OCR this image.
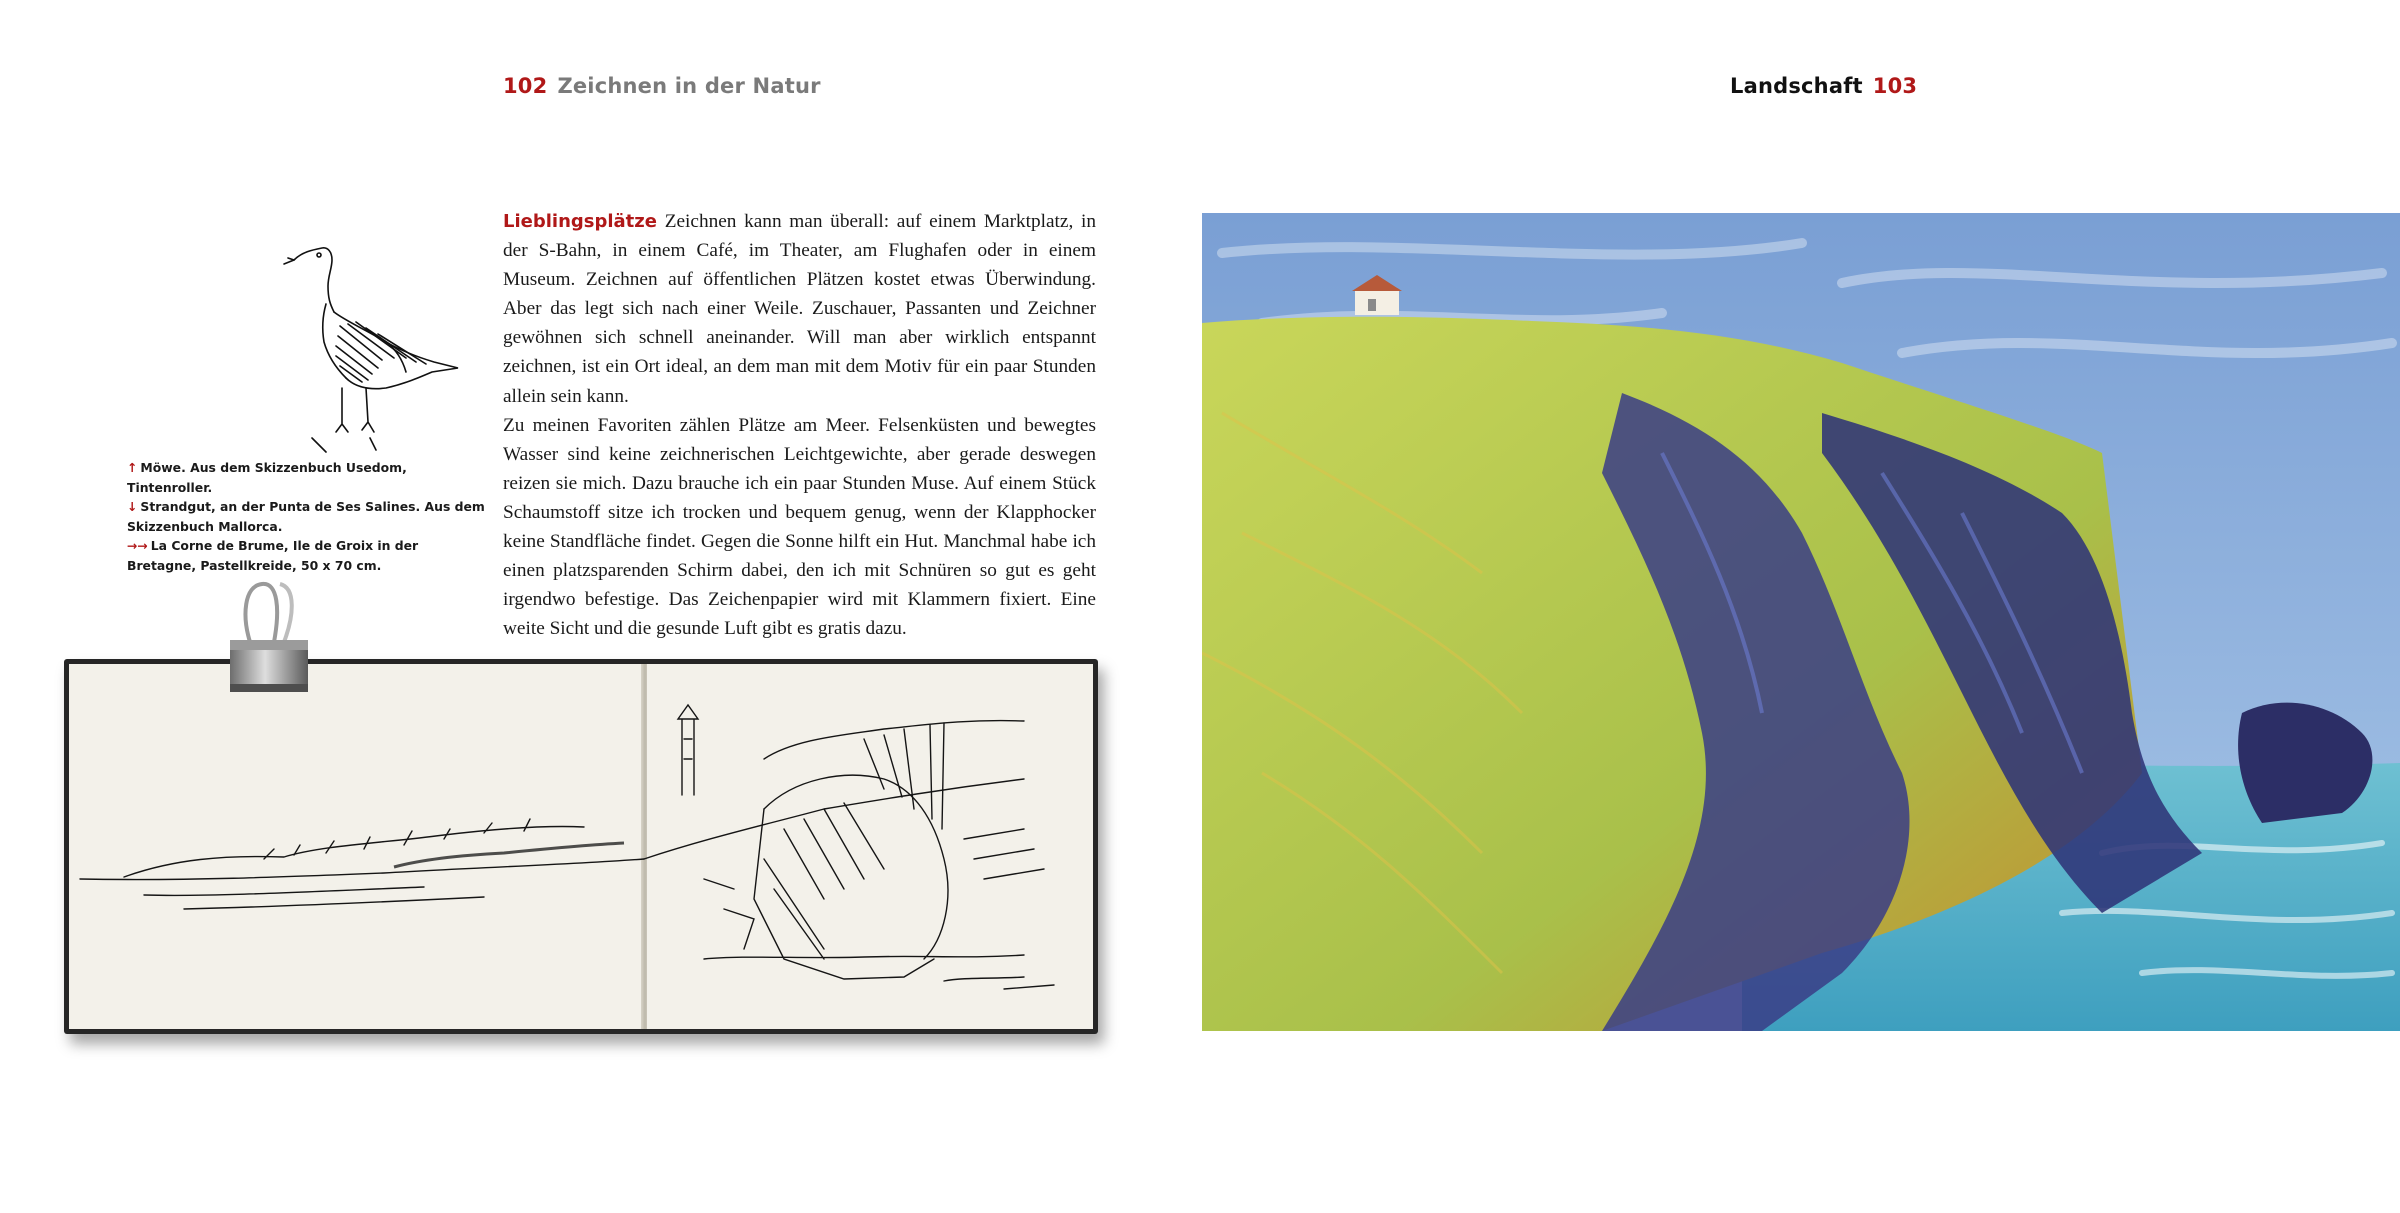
102 Zeichnen in der Natur	Landschaft 103

↑ Möwe. Aus dem Skizzenbuch Usedom, Tintenroller.

↓ Strandgut, an der Punta de Ses Salines. Aus dem Skizzenbuch Mallorca.

→→ La Corne de Brume, Ile de Groix in der Bretagne, Pastellkreide, 50 x 70 cm.

Lieblingsplätze Zeichnen kann man überall: auf einem Marktplatz, in der S-Bahn, in einem Café, im Theater, am Flughafen oder in einem Museum. Zeichnen auf öffentlichen Plätzen kostet etwas Überwindung. Aber das legt sich nach einer Weile. Zuschauer, Passanten und Zeichner gewöhnen sich schnell aneinander. Will man aber wirklich entspannt zeichnen, ist ein Ort ideal, an dem man mit dem Motiv für ein paar Stunden allein sein kann.

Zu meinen Favoriten zählen Plätze am Meer. Felsenküsten und bewegtes Wasser sind keine zeichnerischen Leichtgewichte, aber gerade deswegen reizen sie mich. Dazu brauche ich ein paar Stunden Muse. Auf einem Stück Schaumstoff sitze ich trocken und bequem genug, wenn der Klapphocker keine Standfläche findet. Gegen die Sonne hilft ein Hut. Manchmal habe ich einen platzsparenden Schirm dabei, den ich mit Schnüren so gut es geht irgendwo befestige. Das Zeichenpapier wird mit Klammern fixiert. Eine weite Sicht und die gesunde Luft gibt es gratis dazu.
